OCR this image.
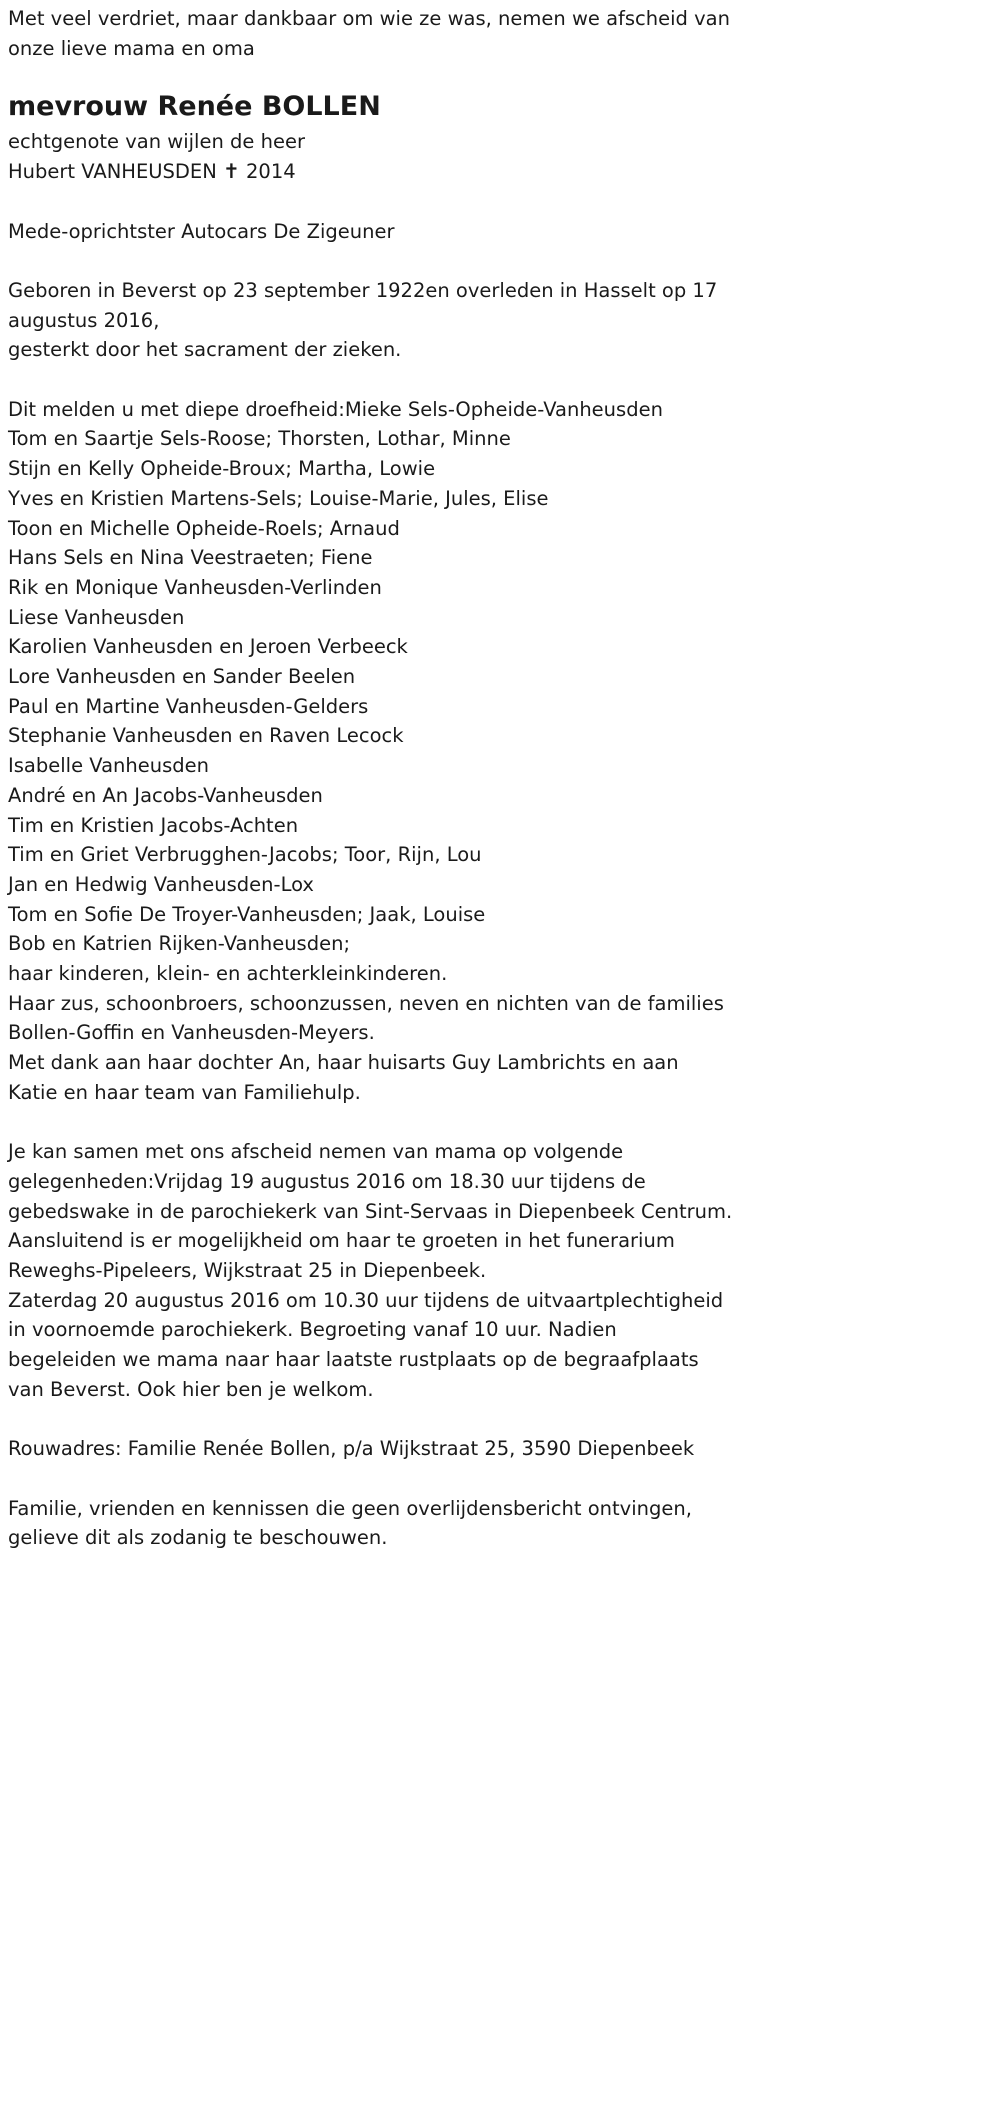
Met veel verdriet, maar dankbaar om wie ze was, nemen we afscheid van
onze lieve mama en oma
mevrouw Renée BOLLEN
echtgenote van wijlen de heer
Hubert VANHEUSDEN ✝ 2014
Mede-oprichtster Autocars De Zigeuner
Geboren in Beverst op 23 september 1922en overleden in Hasselt op 17
augustus 2016,
gesterkt door het sacrament der zieken.
Dit melden u met diepe droefheid:Mieke Sels-Opheide-Vanheusden
Tom en Saartje Sels-Roose; Thorsten, Lothar, Minne
Stijn en Kelly Opheide-Broux; Martha, Lowie
Yves en Kristien Martens-Sels; Louise-Marie, Jules, Elise
Toon en Michelle Opheide-Roels; Arnaud
Hans Sels en Nina Veestraeten; Fiene
Rik en Monique Vanheusden-Verlinden
Liese Vanheusden
Karolien Vanheusden en Jeroen Verbeeck
Lore Vanheusden en Sander Beelen
Paul en Martine Vanheusden-Gelders
Stephanie Vanheusden en Raven Lecock
Isabelle Vanheusden
André en An Jacobs-Vanheusden
Tim en Kristien Jacobs-Achten
Tim en Griet Verbrugghen-Jacobs; Toor, Rijn, Lou
Jan en Hedwig Vanheusden-Lox
Tom en Sofie De Troyer-Vanheusden; Jaak, Louise
Bob en Katrien Rijken-Vanheusden;
haar kinderen, klein- en achterkleinkinderen.
Haar zus, schoonbroers, schoonzussen, neven en nichten van de families
Bollen-Goffin en Vanheusden-Meyers.
Met dank aan haar dochter An, haar huisarts Guy Lambrichts en aan
Katie en haar team van Familiehulp.
Je kan samen met ons afscheid nemen van mama op volgende
gelegenheden:Vrijdag 19 augustus 2016 om 18.30 uur tijdens de
gebedswake in de parochiekerk van Sint-Servaas in Diepenbeek Centrum.
Aansluitend is er mogelijkheid om haar te groeten in het funerarium
Reweghs-Pipeleers, Wijkstraat 25 in Diepenbeek.
Zaterdag 20 augustus 2016 om 10.30 uur tijdens de uitvaartplechtigheid
in voornoemde parochiekerk. Begroeting vanaf 10 uur. Nadien
begeleiden we mama naar haar laatste rustplaats op de begraafplaats
van Beverst. Ook hier ben je welkom.
Rouwadres: Familie Renée Bollen, p/a Wijkstraat 25, 3590 Diepenbeek
Familie, vrienden en kennissen die geen overlijdensbericht ontvingen,
gelieve dit als zodanig te beschouwen.
